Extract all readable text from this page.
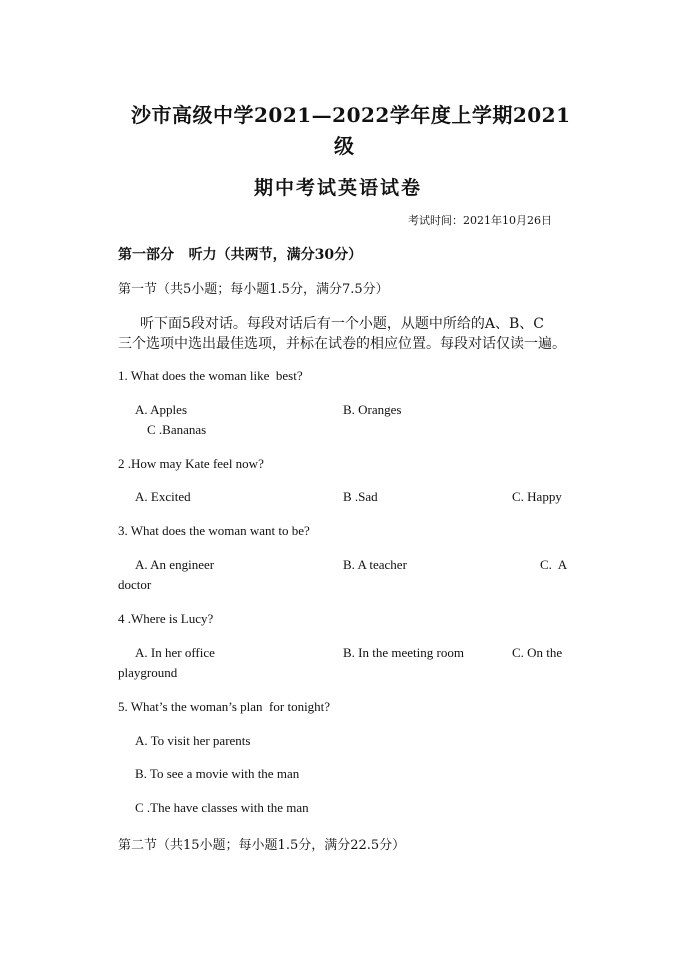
沙市高级中学2021—2022学年度上学期2021
级
期中考试英语试卷
考试时间：2021年10月26日
第一部分   听力（共两节，满分30分）
第一节（共5小题；每小题1.5分，满分7.5分）
听下面5段对话。每段对话后有一个小题，从题中所给的A、B、C
三个选项中选出最佳选项，并标在试卷的相应位置。每段对话仅读一遍。
1. What does the woman like  best?
A. Apples	B. Oranges
C .Bananas
2 .How may Kate feel now?
A. Excited	B .Sad	C. Happy
3. What does the woman want to be?
A. An engineer	B. A teacher	C.  A
doctor
4 .Where is Lucy?
A. In her office	B. In the meeting room	C. On the
playground
5. What’s the woman’s plan  for tonight?
A. To visit her parents
B. To see a movie with the man
C .The have classes with the man
第二节（共15小题；每小题1.5分，满分22.5分）
